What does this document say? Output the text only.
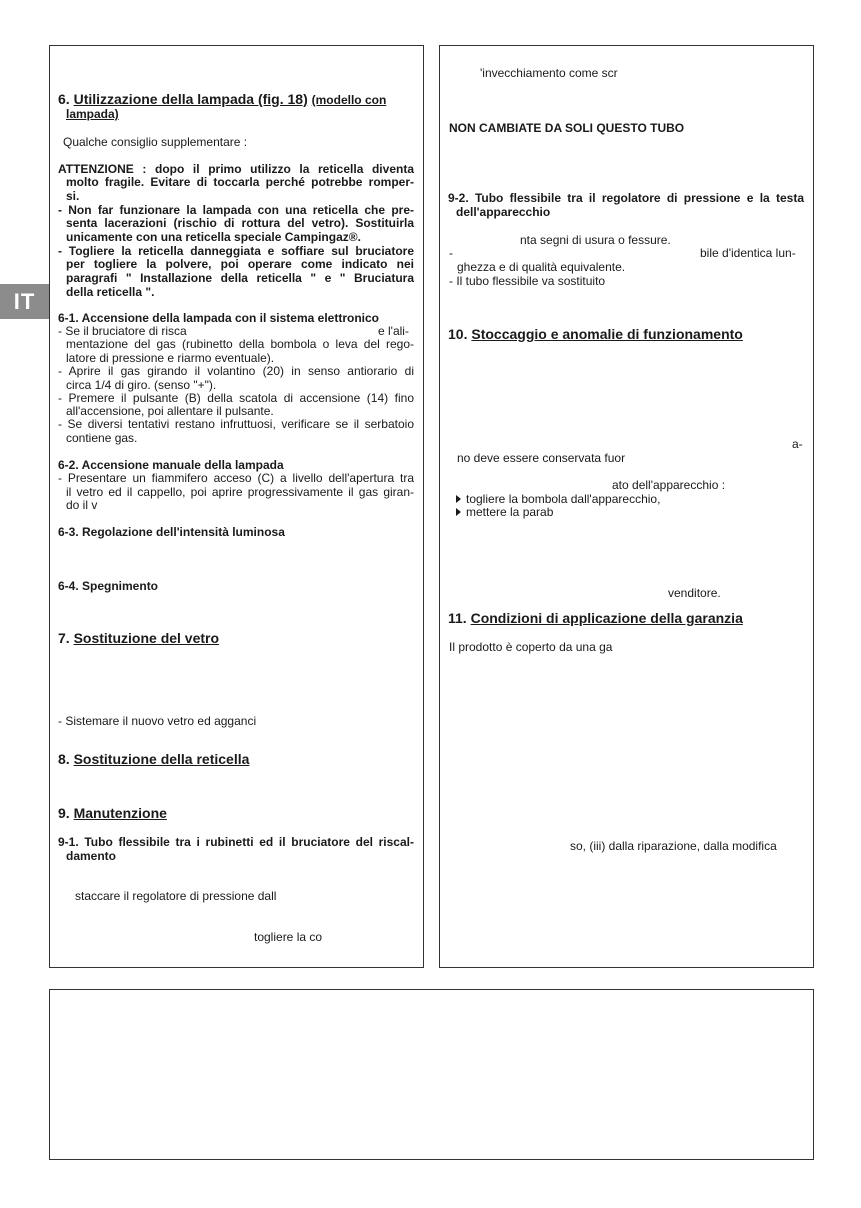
IT
6. Utilizzazione della lampada (fig. 18) (modello con
lampada)
Qualche consiglio supplementare :
ATTENZIONE : dopo il primo utilizzo la reticella diventa
molto fragile. Evitare di toccarla perché potrebbe romper-
si.
- Non far funzionare la lampada con una reticella che pre-
senta lacerazioni (rischio di rottura del vetro). Sostituirla
unicamente con una reticella speciale Campingaz®.
- Togliere la reticella danneggiata e soffiare sul bruciatore
per togliere la polvere, poi operare come indicato nei
paragrafi " Installazione della reticella " e " Bruciatura
della reticella ".
6-1. Accensione della lampada con il sistema elettronico
- Se il bruciatore di risca	e l'ali-
mentazione del gas (rubinetto della bombola o leva del rego-
latore di pressione e riarmo eventuale).
- Aprire il gas girando il volantino (20) in senso antiorario di
circa 1/4 di giro. (senso "+").
- Premere il pulsante (B) della scatola di accensione (14) fino
all'accensione, poi allentare il pulsante.
- Se diversi tentativi restano infruttuosi, verificare se il serbatoio
contiene gas.
6-2. Accensione manuale della lampada
- Presentare un fiammifero acceso (C) a livello dell'apertura tra
il vetro ed il cappello, poi aprire progressivamente il gas giran-
do il v
6-3. Regolazione dell'intensità luminosa
6-4. Spegnimento
7. Sostituzione del vetro
- Sistemare il nuovo vetro ed agganci
8. Sostituzione della reticella
9. Manutenzione
9-1. Tubo flessibile tra i rubinetti ed il bruciatore del riscal-
damento
staccare il regolatore di pressione dall
togliere la co
'invecchiamento come scr
NON CAMBIATE DA SOLI QUESTO TUBO
9-2. Tubo flessibile tra il regolatore di pressione e la testa
dell'apparecchio
nta segni di usura o fessure.
-	bile d'identica lun-
ghezza e di qualità equivalente.
- Il tubo flessibile va sostituito
10. Stoccaggio e anomalie di funzionamento
a-
no deve essere conservata fuor
ato dell'apparecchio :
togliere la bombola dall'apparecchio,
mettere la parab
venditore.
11. Condizioni di applicazione della garanzia
Il prodotto è coperto da una ga
so, (iii) dalla riparazione, dalla modifica
